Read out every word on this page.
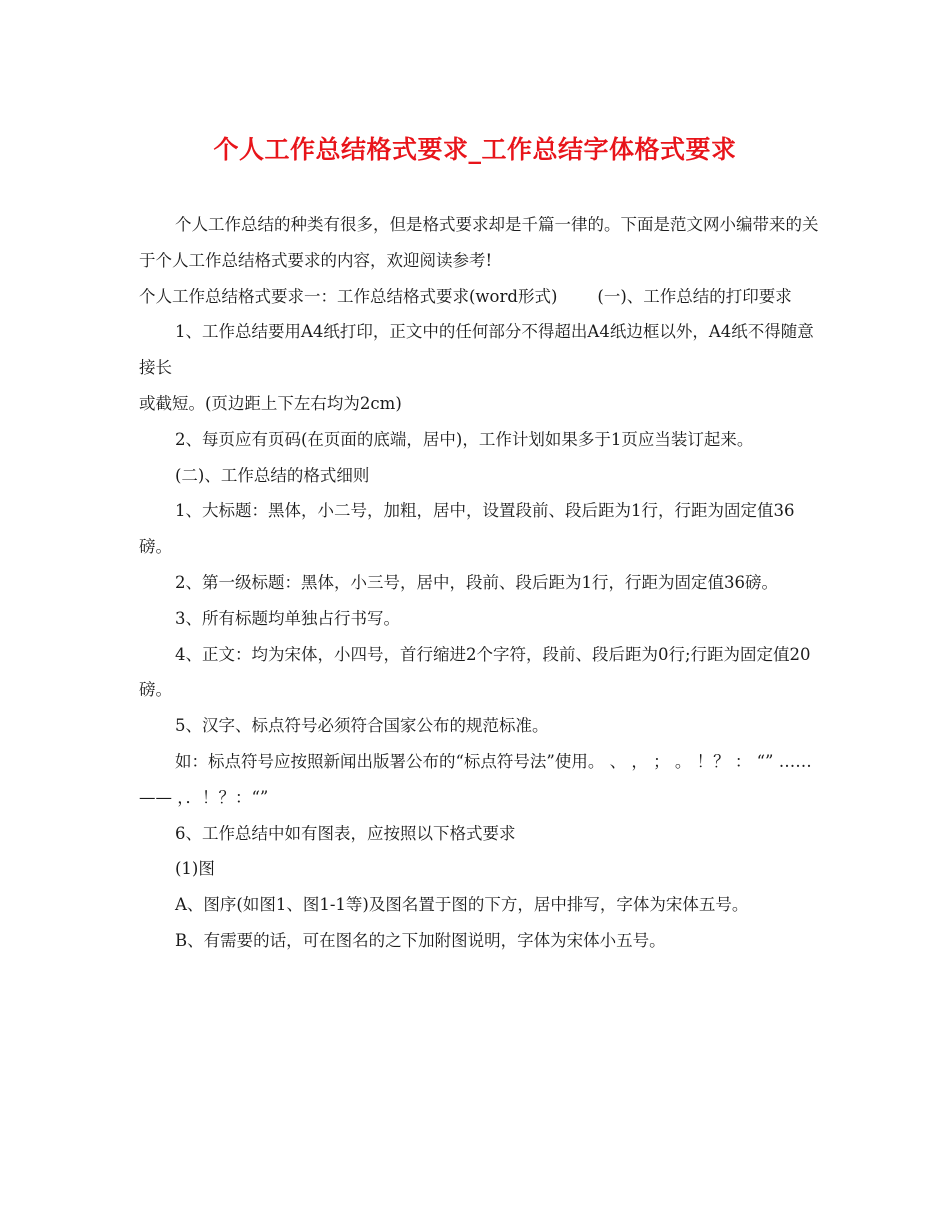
个人工作总结格式要求_工作总结字体格式要求

个人工作总结的种类有很多，但是格式要求却是千篇一律的。下面是范文网小编带来的关于个人工作总结格式要求的内容，欢迎阅读参考!

个人工作总结格式要求一：工作总结格式要求(word形式) (一)、工作总结的打印要求

1、工作总结要用A4纸打印，正文中的任何部分不得超出A4纸边框以外，A4纸不得随意接长

或截短。(页边距上下左右均为2cm)

2、每页应有页码(在页面的底端，居中)，工作计划如果多于1页应当装订起来。

(二)、工作总结的格式细则

1、大标题：黑体，小二号，加粗，居中，设置段前、段后距为1行，行距为固定值36磅。

2、第一级标题：黑体，小三号，居中，段前、段后距为1行，行距为固定值36磅。

3、所有标题均单独占行书写。

4、正文：均为宋体，小四号，首行缩进2个字符，段前、段后距为0行;行距为固定值20磅。

5、汉字、标点符号必须符合国家公布的规范标准。

如：标点符号应按照新闻出版署公布的“标点符号法”使用。 、 ， ； 。 ！？ ： “” …… —— ，．！？：“”

6、工作总结中如有图表，应按照以下格式要求

(1)图

A、图序(如图1、图1-1等)及图名置于图的下方，居中排写，字体为宋体五号。

B、有需要的话，可在图名的之下加附图说明，字体为宋体小五号。
